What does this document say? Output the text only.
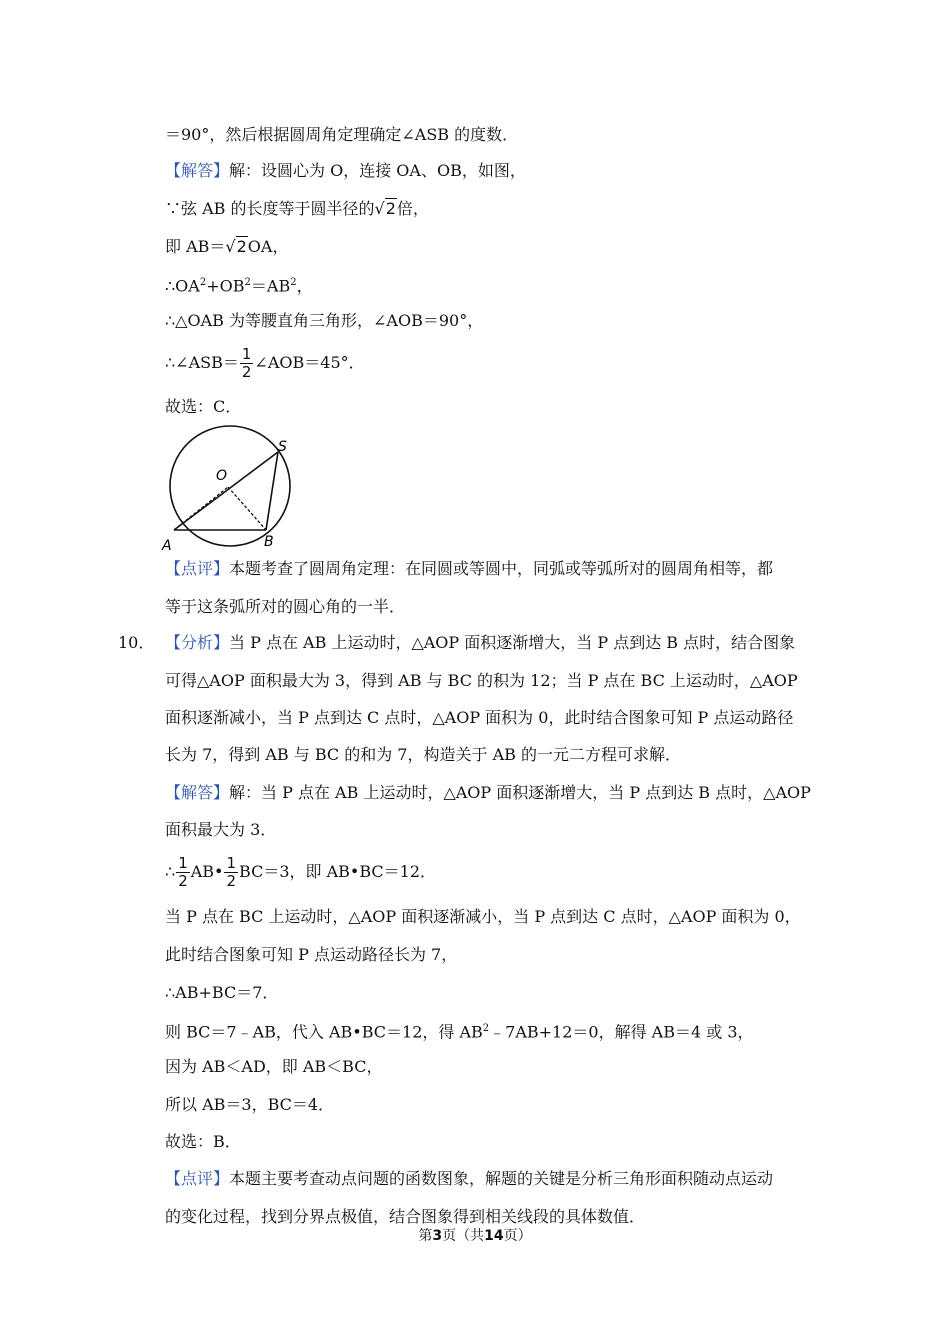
＝90°，然后根据圆周角定理确定∠ASB 的度数．
【解答】解：设圆心为 O，连接 OA、OB，如图，
∵弦 AB 的长度等于圆半径的√2倍，
即 AB＝√2OA，
$\therefore OA^2+OB^2=AB^2$，
∴△OAB 为等腰直角三角形，∠AOB＝90°，
∴∠ASB＝ $\frac{1}{2}$ ∠AOB＝45°．
故选：C．
O
S
A	B
【点评】本题考查了圆周角定理：在同圆或等圆中，同弧或等弧所对的圆周角相等，都
等于这条弧所对的圆心角的一半．
10． 【分析】当 P 点在 AB 上运动时，△AOP 面积逐渐增大，当 P 点到达 B 点时，结合图象
可得△AOP 面积最大为 3，得到 AB 与 BC 的积为 12；当 P 点在 BC 上运动时，△AOP
面积逐渐减小，当 P 点到达 C 点时，△AOP 面积为 0，此时结合图象可知 P 点运动路径
长为 7，得到 AB 与 BC 的和为 7，构造关于 AB 的一元二方程可求解．
【解答】解：当 P 点在 AB 上运动时，△AOP 面积逐渐增大，当 P 点到达 B 点时，△AOP
面积最大为 3．
∴ $\frac{1}{2}$ AB• $\frac{1}{2} BC=3$，即 AB•BC＝12．
当 P 点在 BC 上运动时，△AOP 面积逐渐减小，当 P 点到达 C 点时，△AOP 面积为 0，
此时结合图象可知 P 点运动路径长为 7，
∴AB+BC＝7．
则 BC＝7﹣AB，代入 AB•BC＝12，得 $AB^2﹣7AB+12=0$，解得 AB＝4 或 3，
因为 AB＜AD，即 AB＜BC，
所以 AB＝3，BC＝4．
故选：B．
【点评】本题主要考查动点问题的函数图象，解题的关键是分析三角形面积随动点运动
的变化过程，找到分界点极值，结合图象得到相关线段的具体数值．
第3页（共14页）
